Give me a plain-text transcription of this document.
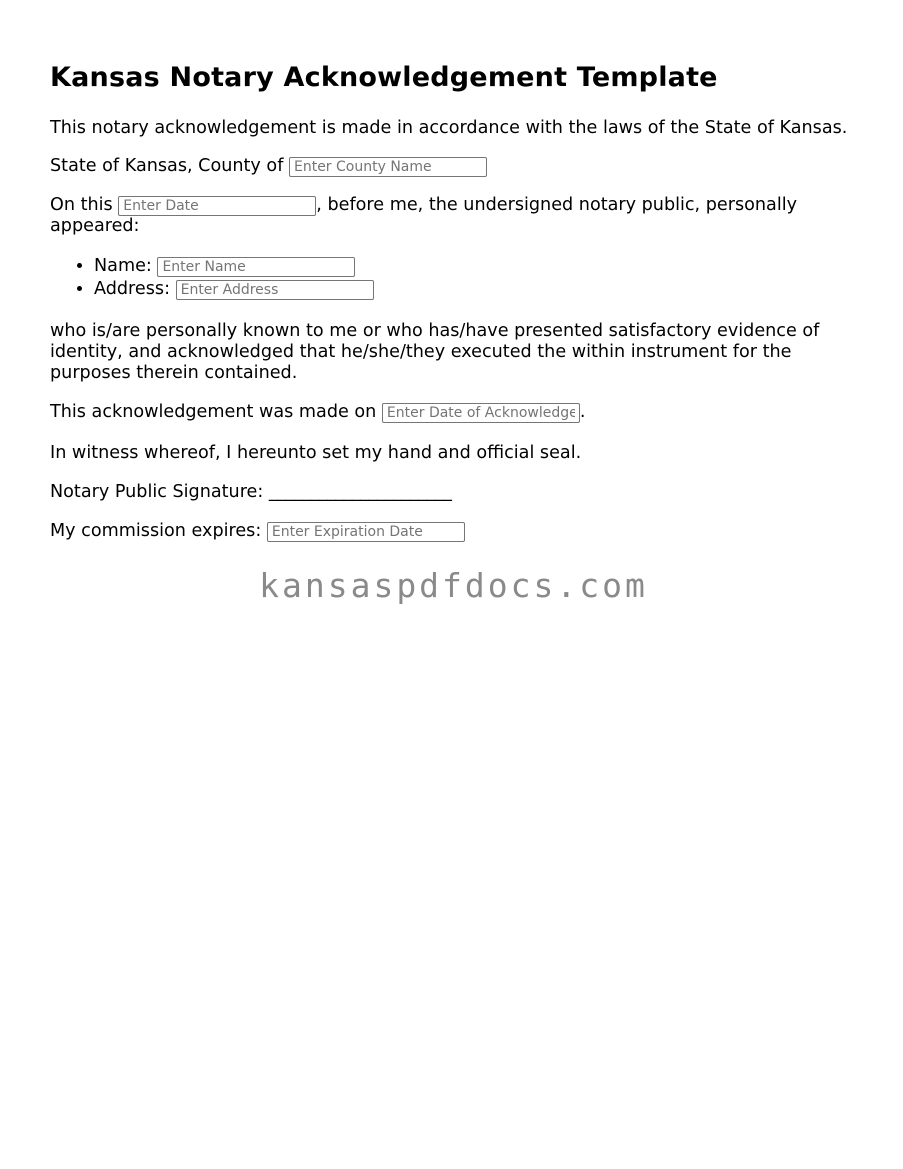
Kansas Notary Acknowledgement Template

This notary acknowledgement is made in accordance with the laws of the State of Kansas.

State of Kansas, County of Enter County Name

On this Enter Date	, before me, the undersigned notary public, personally appeared:

• Name: Enter Name
• Address: Enter Address

who is/are personally known to me or who has/have presented satisfactory evidence of identity, and acknowledged that he/she/they executed the within instrument for the purposes therein contained.

This acknowledgement was made on Enter Date of Acknowledgement	.

In witness whereof, I hereunto set my hand and official seal.

Notary Public Signature: ______________________

My commission expires: Enter Expiration Date

kansaspdfdocs.com
